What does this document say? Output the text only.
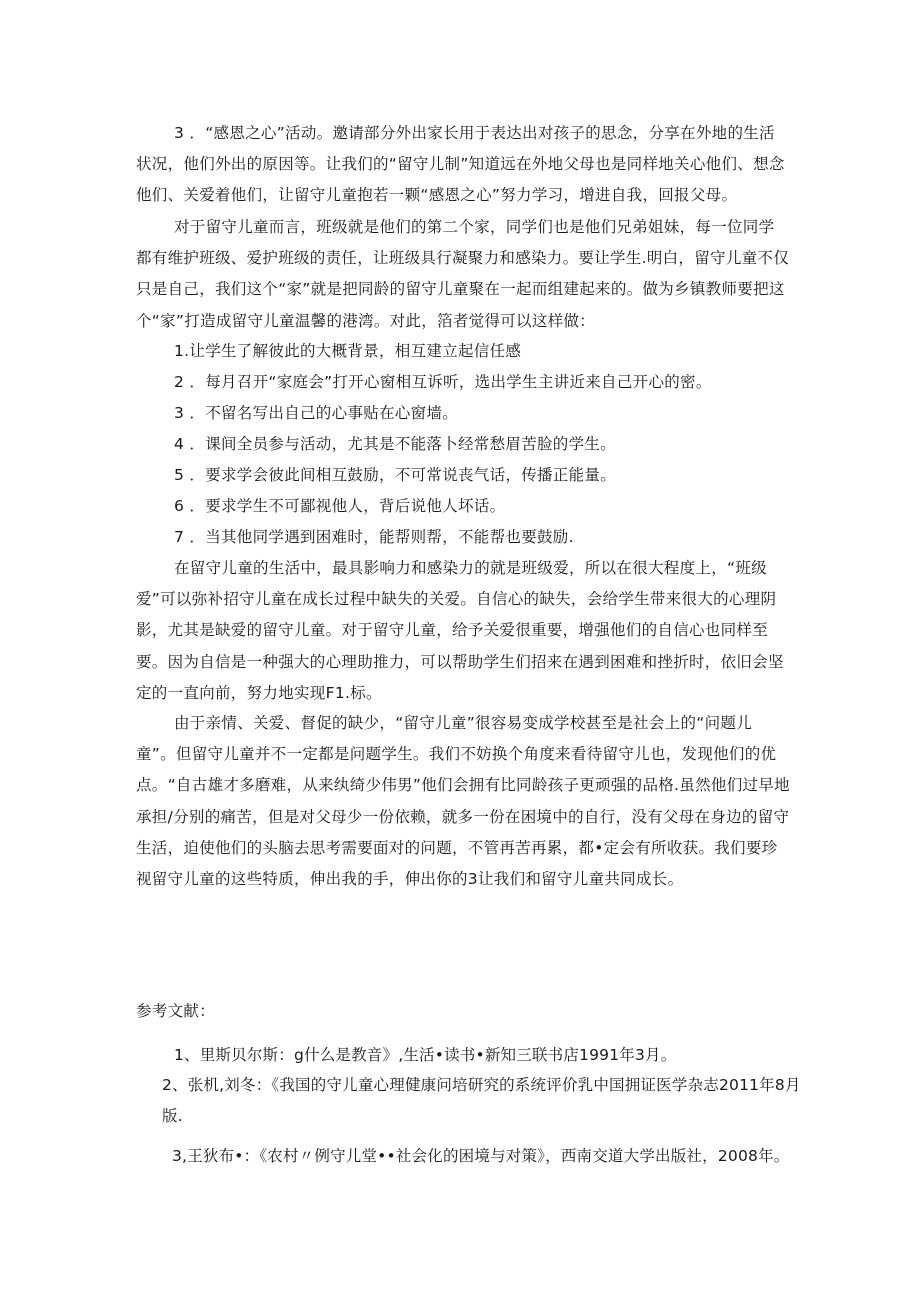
3 ．“感恩之心”活动。邀请部分外出家长用于表达出对孩子的思念，分享在外地的生活状况，他们外出的原因等。让我们的“留守儿制”知道远在外地父母也是同样地关心他们、想念他们、关爱着他们，让留守儿童抱若一颗“感恩之心”努力学习，增进自我，回报父母。

对于留守儿童而言，班级就是他们的第二个家，同学们也是他们兄弟姐妹，每一位同学都有维护班级、爱护班级的责任，让班级具行凝聚力和感染力。要让学生.明白，留守儿童不仅只是自己，我们这个“家”就是把同龄的留守儿童聚在一起而组建起来的。做为乡镇教师要把这个“家”打造成留守儿童温馨的港湾。对此，箔者觉得可以这样做：

1.让学生了解彼此的大概背景，相互建立起信任感

2 ．每月召开“家庭会”打开心窗相互诉听，选出学生主讲近来自己开心的密。

3 ．不留名写出自己的心事贴在心窗墙。

4 ．课间全员参与活动，尤其是不能落卜经常愁眉苦脸的学生。

5 ．要求学会彼此间相互鼓励，不可常说丧气话，传播正能量。

6 ．要求学生不可鄙视他人，背后说他人坏话。

7 ．当其他同学遇到困难时，能帮则帮，不能帮也要鼓励.

在留守儿童的生活中，最具影响力和感染力的就是班级爱，所以在很大程度上，“班级爱”可以弥补招守儿童在成长过程中缺失的关爱。自信心的缺失，会给学生带来很大的心理阴影，尤其是缺爱的留守儿童。对于留守儿童，给予关爱很重要，增强他们的自信心也同样至要。因为自信是一种强大的心理助推力，可以帮助学生们招来在遇到困难和挫折时，依旧会坚定的一直向前，努力地实现F1.标。

由于亲情、关爱、督促的缺少，“留守儿童”很容易变成学校甚至是社会上的“问题儿童”。但留守儿童并不一定都是问题学生。我们不妨换个角度来看待留守儿也，发现他们的优点。“自古雄才多磨难，从来纨绮少伟男”他们会拥有比同龄孩子更顽强的品格.虽然他们过早地承担/分别的痛苦，但是对父母少一份依赖，就多一份在困境中的自行，没有父母在身边的留守生活，迫使他们的头脑去思考需要面对的问题，不管再苦再累，都•定会有所收获。我们要珍视留守儿童的这些特质，伸出我的手，伸出你的3让我们和留守儿童共同成长。

参考文献：

1、里斯贝尔斯：g什么是教音》,生活•读书•新知三联书店1991年3月。

2、张机,刘冬：《我国的守儿童心理健康问培研究的系统评价乳中国拥证医学杂志2011年8月版.

3,王狄布•：《农村〃例守儿堂••社会化的困境与对策》，西南交道大学出版社，2008年。
